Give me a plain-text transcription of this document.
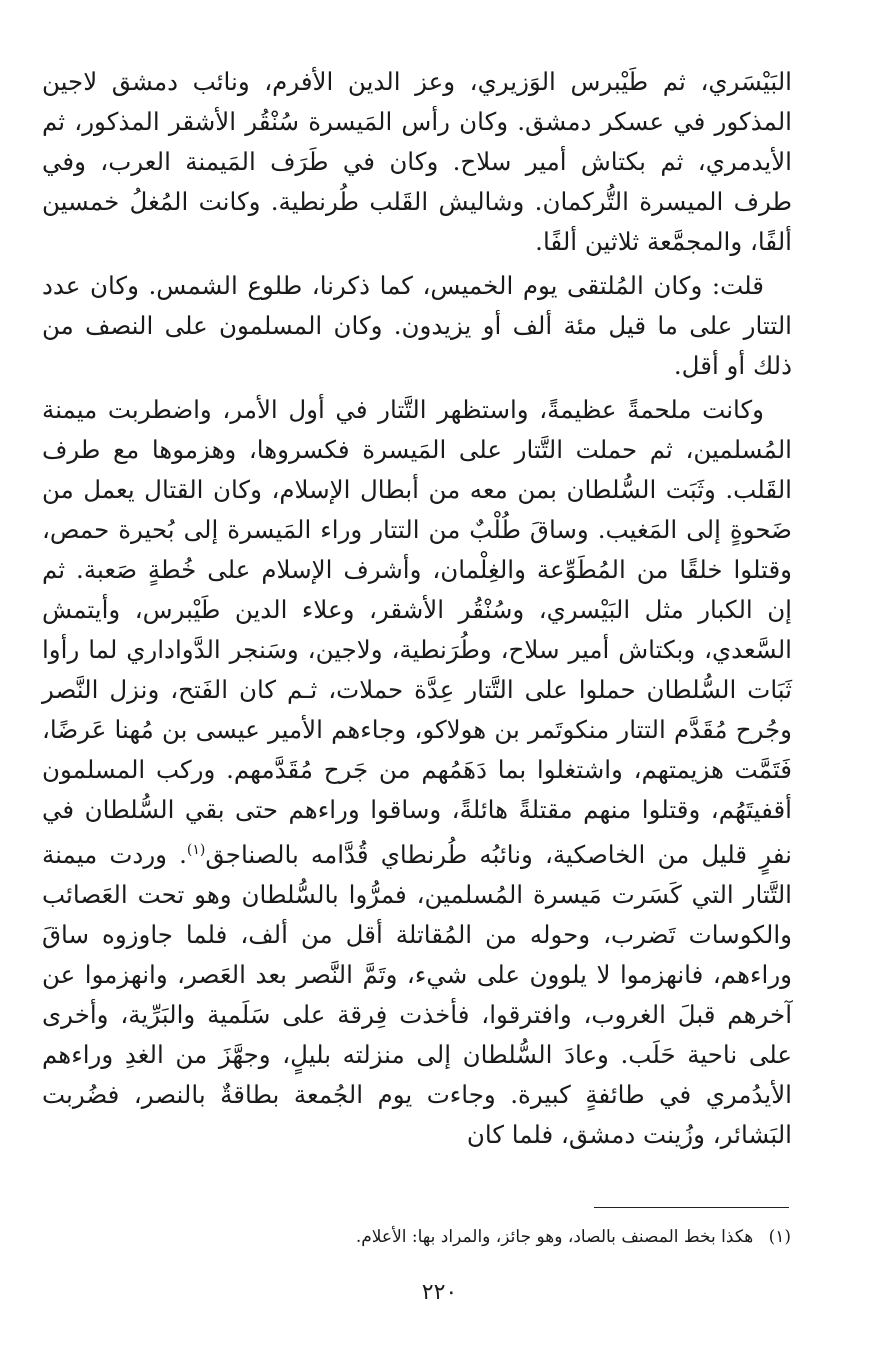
البَيْسَري، ثم طَيْبرس الوَزيري، وعز الدين الأفرم، ونائب دمشق لاجين المذكور في عسكر دمشق. وكان رأس المَيسرة سُنْقُر الأشقر المذكور، ثم الأيدمري، ثم بكتاش أمير سلاح. وكان في طَرَف المَيمنة العرب، وفي طرف الميسرة التُّركمان. وشاليش القَلب طُرنطية. وكانت المُغلُ خمسين ألفًا، والمجمَّعة ثلاثين ألفًا.

قلت: وكان المُلتقى يوم الخميس، كما ذكرنا، طلوع الشمس. وكان عدد التتار على ما قيل مئة ألف أو يزيدون. وكان المسلمون على النصف من ذلك أو أقل.

وكانت ملحمةً عظيمةً، واستظهر التَّتار في أول الأمر، واضطربت ميمنة المُسلمين، ثم حملت التَّتار على المَيسرة فكسروها، وهزموها مع طرف القَلب. وثَبَت السُّلطان بمن معه من أبطال الإسلام، وكان القتال يعمل من ضَحوةٍ إلى المَغيب. وساقَ طُلْبٌ من التتار وراء المَيسرة إلى بُحيرة حمص، وقتلوا خلقًا من المُطَوِّعة والغِلْمان، وأشرف الإسلام على خُطةٍ صَعبة. ثم إن الكبار مثل البَيْسري، وسُنْقُر الأشقر، وعلاء الدين طَيْبرس، وأيتمش السَّعدي، وبكتاش أمير سلاح، وطُرَنطية، ولاجين، وسَنجر الدَّواداري لما رأوا ثَبَات السُّلطان حملوا على التَّتار عِدَّة حملات، ثـم كان الفَتح، ونزل النَّصر وجُرح مُقَدَّم التتار منكوتَمر بن هولاكو، وجاءهم الأمير عيسى بن مُهنا عَرضًا، فَتَمَّت هزيمتهم، واشتغلوا بما دَهَمُهم من جَرح مُقَدَّمهم. وركب المسلمون أقفيتَهُم، وقتلوا منهم مقتلةً هائلةً، وساقوا وراءهم حتى بقي السُّلطان في نفرٍ قليل من الخاصكية، ونائبُه طُرنطاي قُدَّامه بالصناجق$^{(١)}$. وردت ميمنة التَّتار التي كَسَرت مَيسرة المُسلمين، فمرُّوا بالسُّلطان وهو تحت العَصائب والكوسات تَضرب، وحوله من المُقاتلة أقل من ألف، فلما جاوزوه ساقَ وراءهم، فانهزموا لا يلوون على شيء، وتَمَّ النَّصر بعد العَصر، وانهزموا عن آخرهم قبلَ الغروب، وافترقوا، فأخذت فِرقة على سَلَمية والبَرِّية، وأخرى على ناحية حَلَب. وعادَ السُّلطان إلى منزلته بليلٍ، وجهَّزَ من الغدِ وراءهم الأيدُمري في طائفةٍ كبيرة. وجاءت يوم الجُمعة بطاقةٌ بالنصر، فضُربت البَشائر، وزُينت دمشق، فلما كان

(١) هكذا بخط المصنف بالصاد، وهو جائز، والمراد بها: الأعلام.
٢٢٠
